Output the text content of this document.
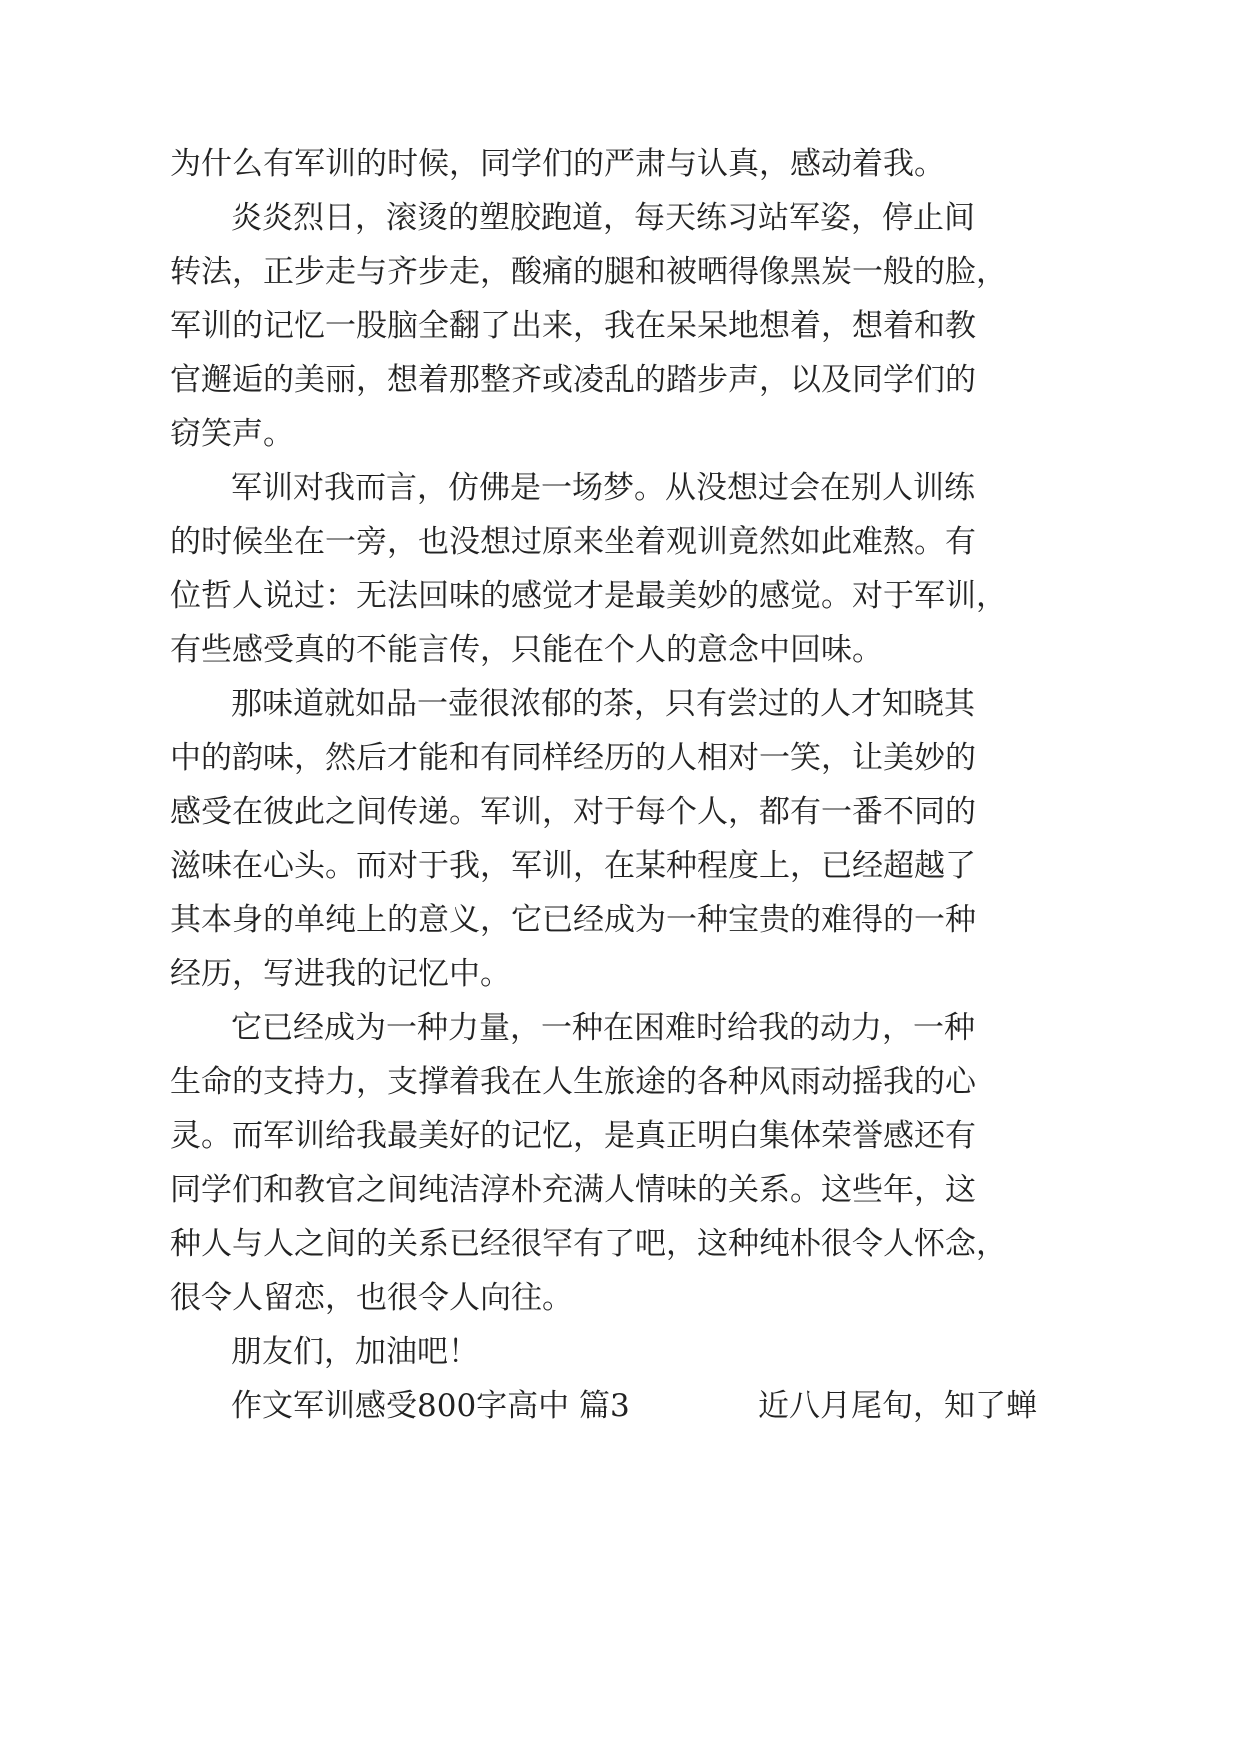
为什么有军训的时候，同学们的严肃与认真，感动着我。
炎炎烈日，滚烫的塑胶跑道，每天练习站军姿，停止间
转法，正步走与齐步走，酸痛的腿和被晒得像黑炭一般的脸，
军训的记忆一股脑全翻了出来，我在呆呆地想着，想着和教
官邂逅的美丽，想着那整齐或凌乱的踏步声，以及同学们的
窃笑声。
军训对我而言，仿佛是一场梦。从没想过会在别人训练
的时候坐在一旁，也没想过原来坐着观训竟然如此难熬。有
位哲人说过：无法回味的感觉才是最美妙的感觉。对于军训，
有些感受真的不能言传，只能在个人的意念中回味。
那味道就如品一壶很浓郁的茶，只有尝过的人才知晓其
中的韵味，然后才能和有同样经历的人相对一笑，让美妙的
感受在彼此之间传递。军训，对于每个人，都有一番不同的
滋味在心头。而对于我，军训，在某种程度上，已经超越了
其本身的单纯上的意义，它已经成为一种宝贵的难得的一种
经历，写进我的记忆中。
它已经成为一种力量，一种在困难时给我的动力，一种
生命的支持力，支撑着我在人生旅途的各种风雨动摇我的心
灵。而军训给我最美好的记忆，是真正明白集体荣誉感还有
同学们和教官之间纯洁淳朴充满人情味的关系。这些年，这
种人与人之间的关系已经很罕有了吧，这种纯朴很令人怀念，
很令人留恋，也很令人向往。
朋友们，加油吧！
作文军训感受800字高中 篇3	近八月尾旬，知了蝉
